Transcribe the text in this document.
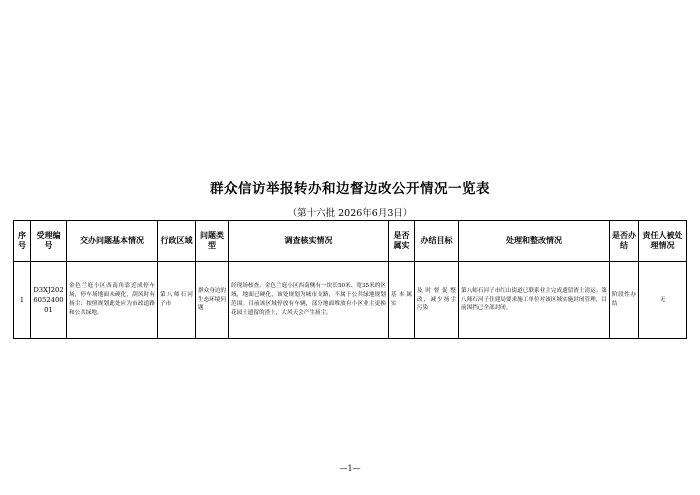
群众信访举报转办和边督边改公开情况一览表
（第十六批 2026年6月3日）
序号	受理编号	交办问题基本情况	行政区域	问题类型	调查核实情况	是否属实	办结目标	处理和整改情况	是否办结	责任人被处理情况
1	D3XJ202605240001	金色兰庭小区西南角靠近成停车场，停车场地面未硬化，刮风时有扬尘；按照规划此处应为市政道路和公共绿地。	第八师石河子市	群众身边的生态环境问题	经现场核查，金色兰庭小区西南侧有一块长50米、宽35米的区域，地面已硬化，该处规划为城市支路，不属于公共绿地规划范围。目前该区域停放有车辆，部分地面堆放有小区业主更换花园土遗留的渣土，大风天会产生扬尘。	基本属实	及时督促整改，减少扬尘污染	第八师石河子市红山街道已联系业主完成遗留渣土清运；第八师石河子住建局要求施工单位对该区域实施封闭管理，目前围挡已全部封闭。	阶段性办结	无
—1—
